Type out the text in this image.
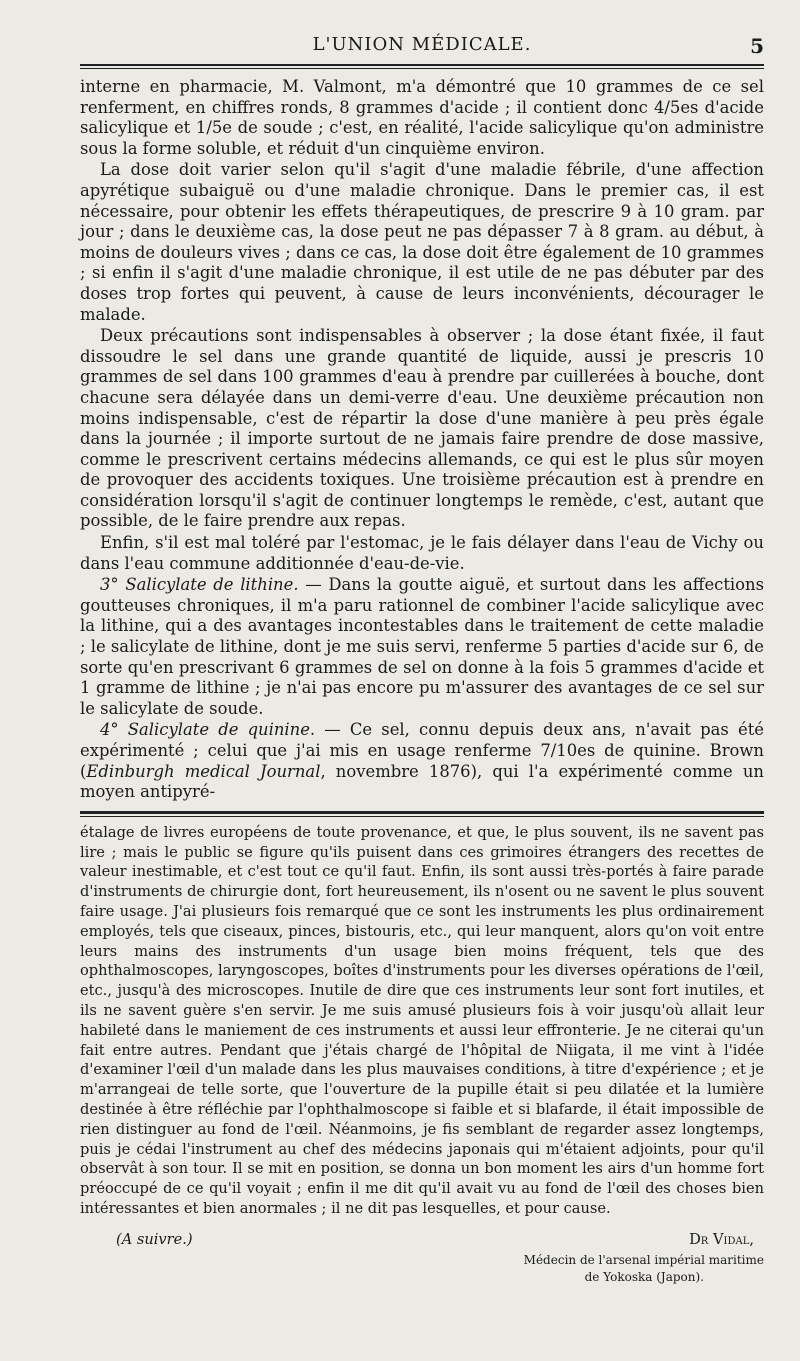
L'UNION MÉDICALE.	5

interne en pharmacie, M. Valmont, m'a démontré que 10 grammes de ce sel renferment, en chiffres ronds, 8 grammes d'acide ; il contient donc 4/5es d'acide salicylique et 1/5e de soude ; c'est, en réalité, l'acide salicylique qu'on administre sous la forme soluble, et réduit d'un cinquième environ.

La dose doit varier selon qu'il s'agit d'une maladie fébrile, d'une affection apyrétique subaiguë ou d'une maladie chronique. Dans le premier cas, il est nécessaire, pour obtenir les effets thérapeutiques, de prescrire 9 à 10 gram. par jour ; dans le deuxième cas, la dose peut ne pas dépasser 7 à 8 gram. au début, à moins de douleurs vives ; dans ce cas, la dose doit être également de 10 grammes ; si enfin il s'agit d'une maladie chronique, il est utile de ne pas débuter par des doses trop fortes qui peuvent, à cause de leurs inconvénients, décourager le malade.

Deux précautions sont indispensables à observer ; la dose étant fixée, il faut dissoudre le sel dans une grande quantité de liquide, aussi je prescris 10 grammes de sel dans 100 grammes d'eau à prendre par cuillerées à bouche, dont chacune sera délayée dans un demi-verre d'eau. Une deuxième précaution non moins indispensable, c'est de répartir la dose d'une manière à peu près égale dans la journée ; il importe surtout de ne jamais faire prendre de dose massive, comme le prescrivent certains médecins allemands, ce qui est le plus sûr moyen de provoquer des accidents toxiques. Une troisième précaution est à prendre en considération lorsqu'il s'agit de continuer longtemps le remède, c'est, autant que possible, de le faire prendre aux repas.

Enfin, s'il est mal toléré par l'estomac, je le fais délayer dans l'eau de Vichy ou dans l'eau commune additionnée d'eau-de-vie.

3° Salicylate de lithine. — Dans la goutte aiguë, et surtout dans les affections goutteuses chroniques, il m'a paru rationnel de combiner l'acide salicylique avec la lithine, qui a des avantages incontestables dans le traitement de cette maladie ; le salicylate de lithine, dont je me suis servi, renferme 5 parties d'acide sur 6, de sorte qu'en prescrivant 6 grammes de sel on donne à la fois 5 grammes d'acide et 1 gramme de lithine ; je n'ai pas encore pu m'assurer des avantages de ce sel sur le salicylate de soude.

4° Salicylate de quinine. — Ce sel, connu depuis deux ans, n'avait pas été expérimenté ; celui que j'ai mis en usage renferme 7/10es de quinine. Brown (Edinburgh medical Journal, novembre 1876), qui l'a expérimenté comme un moyen antipyré-

étalage de livres européens de toute provenance, et que, le plus souvent, ils ne savent pas lire ; mais le public se figure qu'ils puisent dans ces grimoires étrangers des recettes de valeur inestimable, et c'est tout ce qu'il faut. Enfin, ils sont aussi très-portés à faire parade d'instruments de chirurgie dont, fort heureusement, ils n'osent ou ne savent le plus souvent faire usage. J'ai plusieurs fois remarqué que ce sont les instruments les plus ordinairement employés, tels que ciseaux, pinces, bistouris, etc., qui leur manquent, alors qu'on voit entre leurs mains des instruments d'un usage bien moins fréquent, tels que des ophthalmoscopes, laryngoscopes, boîtes d'instruments pour les diverses opérations de l'œil, etc., jusqu'à des microscopes. Inutile de dire que ces instruments leur sont fort inutiles, et ils ne savent guère s'en servir. Je me suis amusé plusieurs fois à voir jusqu'où allait leur habileté dans le maniement de ces instruments et aussi leur effronterie. Je ne citerai qu'un fait entre autres. Pendant que j'étais chargé de l'hôpital de Niigata, il me vint à l'idée d'examiner l'œil d'un malade dans les plus mauvaises conditions, à titre d'expérience ; et je m'arrangeai de telle sorte, que l'ouverture de la pupille était si peu dilatée et la lumière destinée à être réfléchie par l'ophthalmoscope si faible et si blafarde, il était impossible de rien distinguer au fond de l'œil. Néanmoins, je fis semblant de regarder assez longtemps, puis je cédai l'instrument au chef des médecins japonais qui m'étaient adjoints, pour qu'il observât à son tour. Il se mit en position, se donna un bon moment les airs d'un homme fort préoccupé de ce qu'il voyait ; enfin il me dit qu'il avait vu au fond de l'œil des choses bien intéressantes et bien anormales ; il ne dit pas lesquelles, et pour cause.

(A suivre.)	Dr Vidal,
Médecin de l'arsenal impérial maritime
de Yokoska (Japon).
